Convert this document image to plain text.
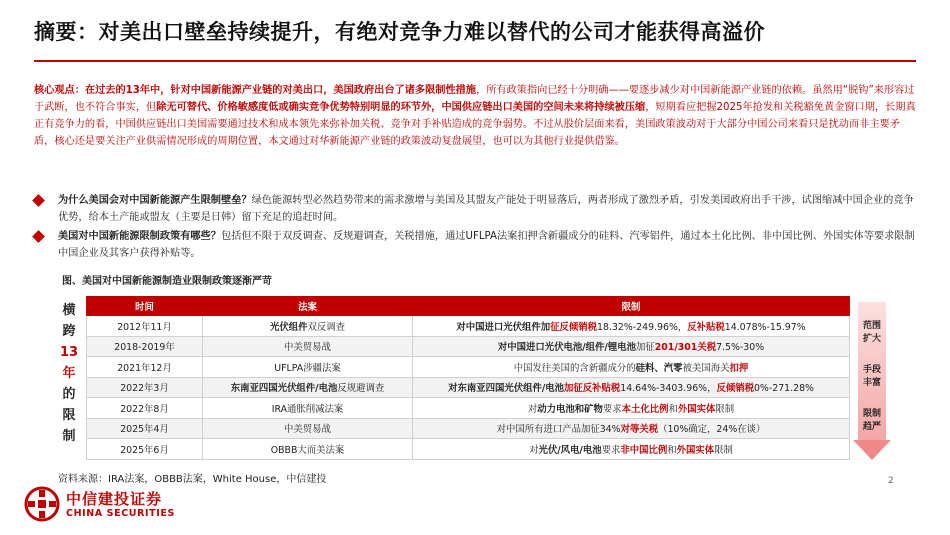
摘要：对美出口壁垒持续提升，有绝对竞争力难以替代的公司才能获得高溢价
核心观点：在过去的13年中，针对中国新能源产业链的对美出口，美国政府出台了诸多限制性措施，所有政策指向已经十分明确——要逐步减少对中国新能源产业链的依赖。虽然用“脱钩”来形容过于武断，也不符合事实，但除无可替代、价格敏感度低或确实竞争优势特别明显的环节外，中国供应链出口美国的空间未来将持续被压缩，短期看应把握2025年抢发和关税豁免黄金窗口期，长期真正有竞争力的看，中国供应链出口美国需要通过技术和成本领先来弥补加关税、竞争对手补贴造成的竞争弱势。不过从股价层面来看，美国政策波动对于大部分中国公司来看只是扰动而非主要矛盾，核心还是要关注产业供需情况形成的周期位置，本文通过对华新能源产业链的政策波动复盘展望，也可以为其他行业提供借鉴。
为什么美国会对中国新能源产生限制壁垒？绿色能源转型必然趋势带来的需求激增与美国及其盟友产能处于明显落后，两者形成了激烈矛盾，引发美国政府出手干涉，试图缩减中国企业的竞争优势，给本土产能或盟友（主要是日韩）留下充足的追赶时间。
美国对中国新能源限制政策有哪些？包括但不限于双反调查、反规避调查，关税措施，通过UFLPA法案扣押含新疆成分的硅料、汽零铝件，通过本土化比例、非中国比例、外国实体等要求限制中国企业及其客户获得补贴等。
图、美国对中国新能源制造业限制政策逐渐严苛
横
跨
13
年
的
限
制
时间	法案	限制
2012年11月	光伏组件双反调查	对中国进口光伏组件加征反倾销税18.32%-249.96%，反补贴税14.078%-15.97%
2018-2019年	中美贸易战	对中国进口光伏电池/组件/锂电池加征201/301关税7.5%-30%
2021年12月	UFLPA涉疆法案	中国发往美国的含新疆成分的硅料、汽零被美国海关扣押
2022年3月	东南亚四国光伏组件/电池反规避调查	对东南亚四国光伏组件/电池加征反补贴税14.64%-3403.96%，反倾销税0%-271.28%
2022年8月	IRA通胀削减法案	对动力电池和矿物要求本土化比例和外国实体限制
2025年4月	中美贸易战	对中国所有进口产品加征34%对等关税（10%确定，24%在谈）
2025年6月	OBBB大而美法案	对光伏/风电/电池要求非中国比例和外国实体限制
范围
扩大
手段
丰富
限制
趋严
资料来源：IRA法案，OBBB法案，White House，中信建投
中信建投证券
CHINA SECURITIES
2
